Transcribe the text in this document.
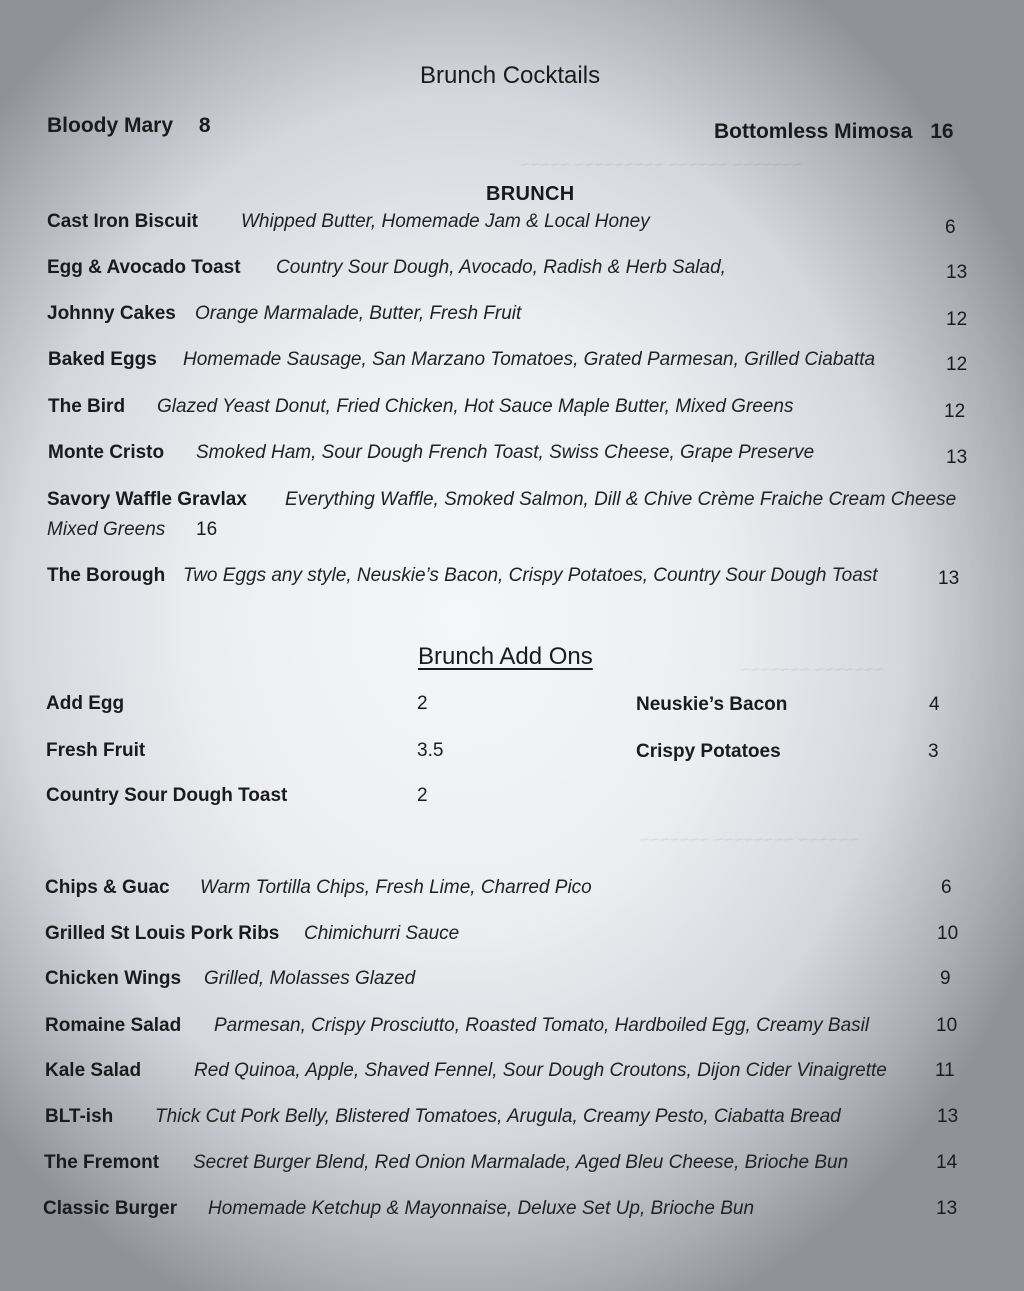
~~~~~~~ ~~~~~~ ~~~~~~~~~ ~~~~~
~~~~~~~ ~~~~~~~
~~~~~~ ~~~~~~~~ ~~~~~~~
Brunch Cocktails
Bloody Mary 8	Bottomless Mimosa 16
BRUNCH
Cast Iron Biscuit Whipped Butter, Homemade Jam & Local Honey	6
Egg & Avocado Toast Country Sour Dough, Avocado, Radish & Herb Salad,	13
Johnny Cakes Orange Marmalade, Butter, Fresh Fruit	12
Baked Eggs Homemade Sausage, San Marzano Tomatoes, Grated Parmesan, Grilled Ciabatta	12
The Bird Glazed Yeast Donut, Fried Chicken, Hot Sauce Maple Butter, Mixed Greens	12
Monte Cristo Smoked Ham, Sour Dough French Toast, Swiss Cheese, Grape Preserve	13
Savory Waffle Gravlax Everything Waffle, Smoked Salmon, Dill & Chive Crème Fraiche Cream Cheese
Mixed Greens 16
The Borough Two Eggs any style, Neuskie’s Bacon, Crispy Potatoes, Country Sour Dough Toast	13
Brunch Add Ons
Add Egg	2
Fresh Fruit	3.5
Country Sour Dough Toast	2
Neuskie’s Bacon	4
Crispy Potatoes	3
Chips & Guac Warm Tortilla Chips, Fresh Lime, Charred Pico	6
Grilled St Louis Pork Ribs Chimichurri Sauce	10
Chicken Wings Grilled, Molasses Glazed	9
Romaine Salad Parmesan, Crispy Prosciutto, Roasted Tomato, Hardboiled Egg, Creamy Basil	10
Kale Salad	Red Quinoa, Apple, Shaved Fennel, Sour Dough Croutons, Dijon Cider Vinaigrette	11
BLT-ish Thick Cut Pork Belly, Blistered Tomatoes, Arugula, Creamy Pesto, Ciabatta Bread	13
The Fremont Secret Burger Blend, Red Onion Marmalade, Aged Bleu Cheese, Brioche Bun	14
Classic Burger Homemade Ketchup & Mayonnaise, Deluxe Set Up, Brioche Bun	13
